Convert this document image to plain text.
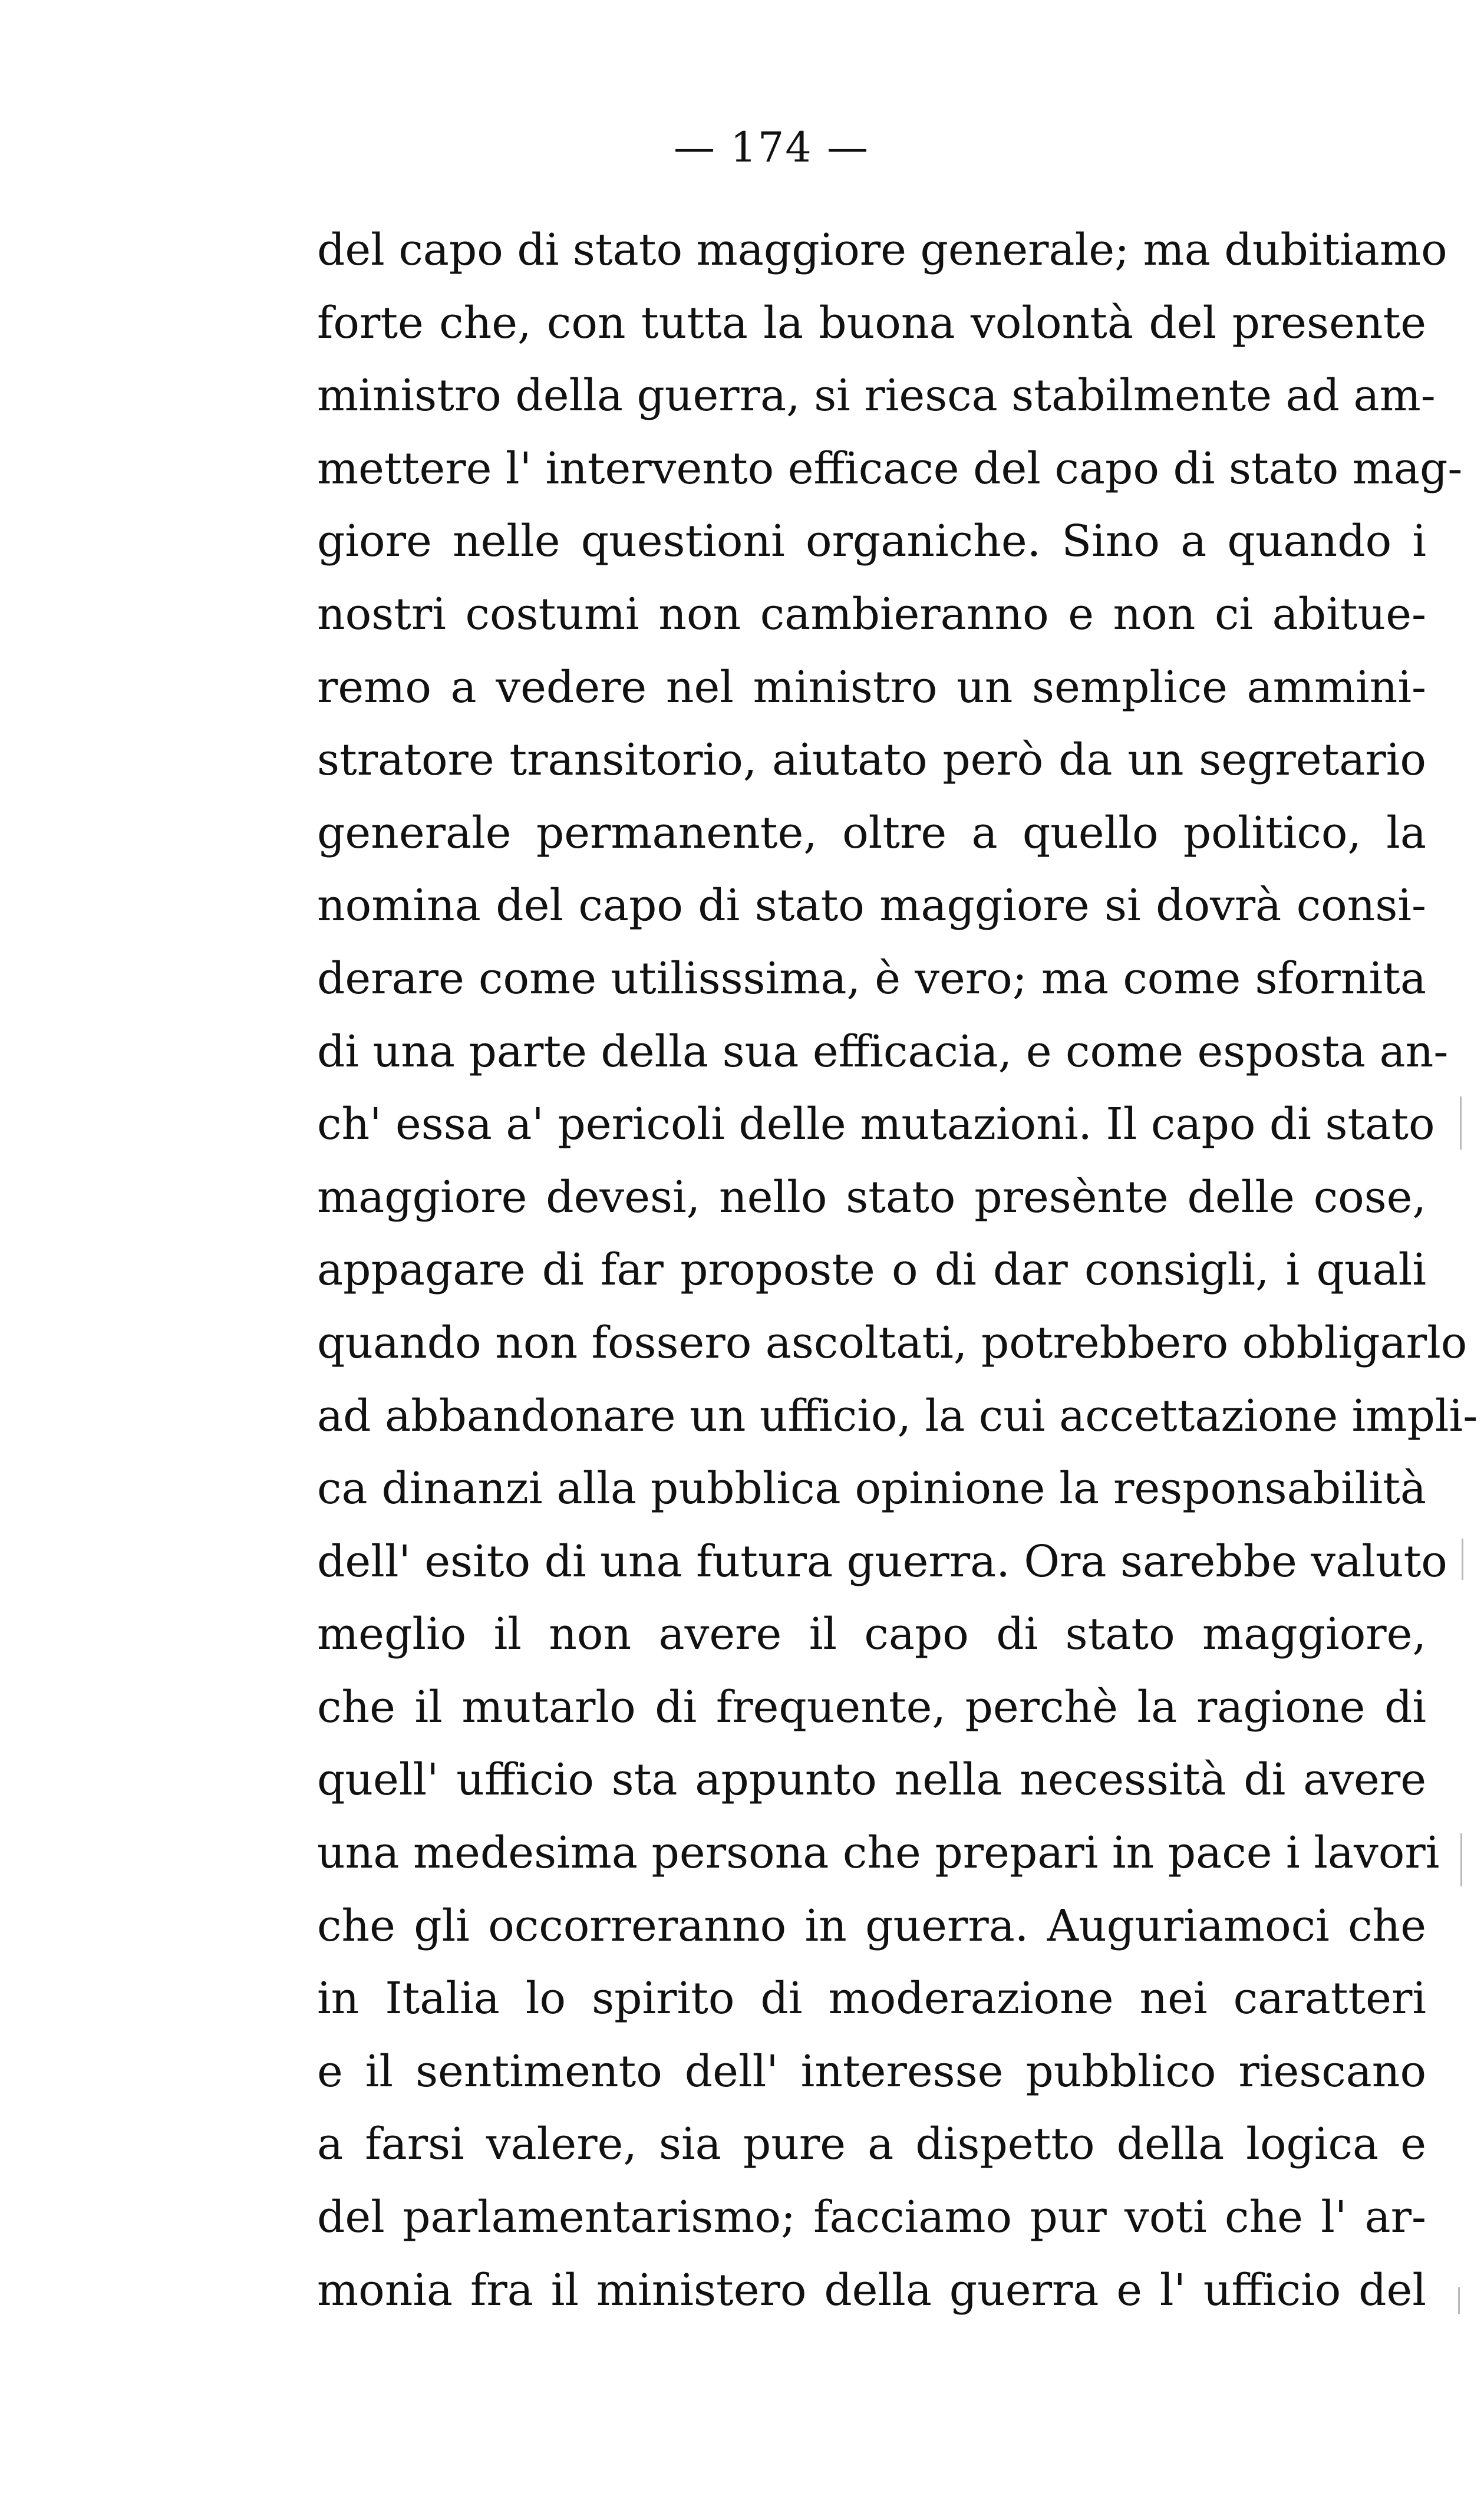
— 174 —
del capo di stato maggiore generale; ma dubitiamo
forte che, con tutta la buona volontà del presente
ministro della guerra, si riesca stabilmente ad am-
mettere l' intervento efficace del capo di stato mag-
giore nelle questioni organiche. Sino a quando i
nostri costumi non cambieranno e non ci abitue-
remo a vedere nel ministro un semplice ammini-
stratore transitorio, aiutato però da un segretario
generale permanente, oltre a quello politico, la
nomina del capo di stato maggiore si dovrà consi-
derare come utilisssima, è vero; ma come sfornita
di una parte della sua efficacia, e come esposta an-
ch' essa a' pericoli delle mutazioni. Il capo di stato
maggiore devesi, nello stato presènte delle cose,
appagare di far proposte o di dar consigli, i quali
quando non fossero ascoltati, potrebbero obbligarlo
ad abbandonare un ufficio, la cui accettazione impli-
ca dinanzi alla pubblica opinione la responsabilità
dell' esito di una futura guerra. Ora sarebbe valuto
meglio il non avere il capo di stato maggiore,
che il mutarlo di frequente, perchè la ragione di
quell' ufficio sta appunto nella necessità di avere
una medesima persona che prepari in pace i lavori
che gli occorreranno in guerra. Auguriamoci che
in Italia lo spirito di moderazione nei caratteri
e il sentimento dell' interesse pubblico riescano
a farsi valere, sia pure a dispetto della logica e
del parlamentarismo; facciamo pur voti che l' ar-
monia fra il ministero della guerra e l' ufficio del
